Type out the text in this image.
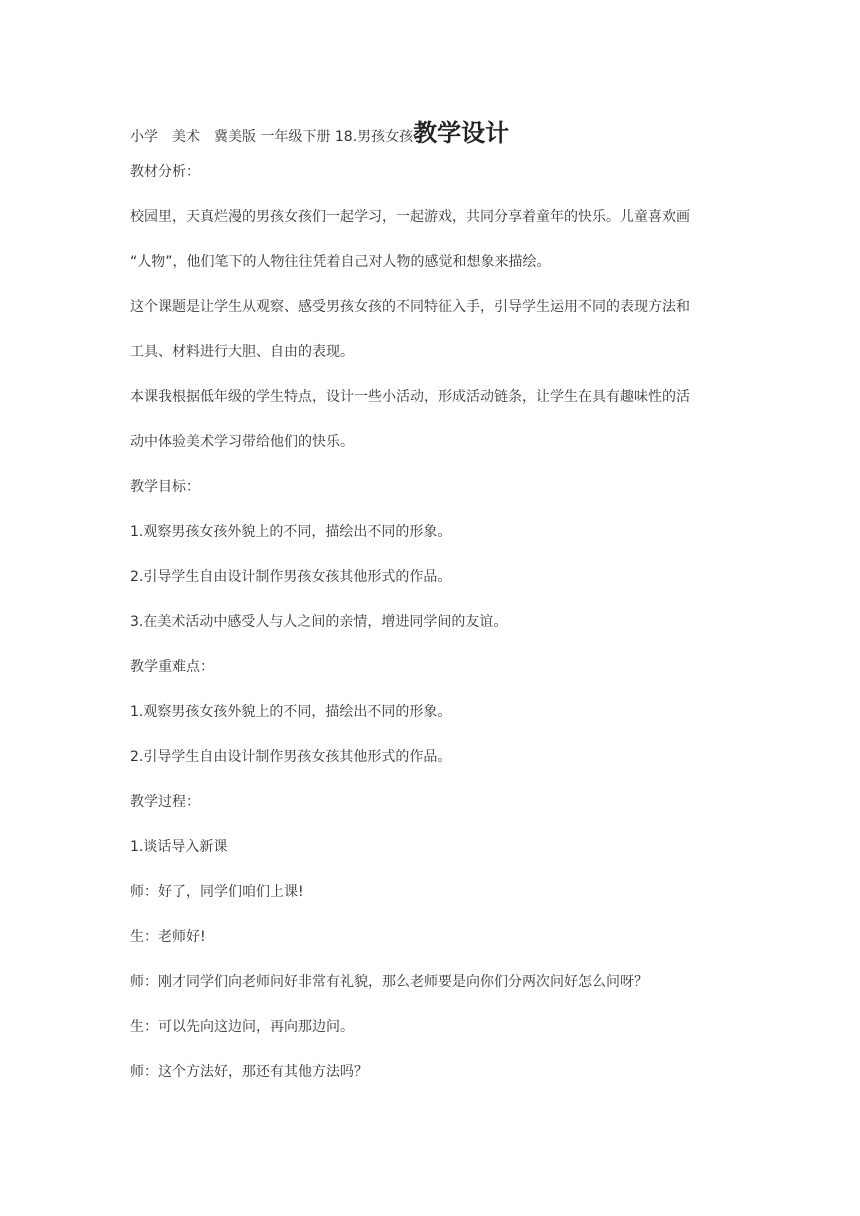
小学　美术　冀美版 一年级下册 18.男孩女孩教学设计
教材分析：
校园里，天真烂漫的男孩女孩们一起学习，一起游戏，共同分享着童年的快乐。儿童喜欢画
“人物”，他们笔下的人物往往凭着自己对人物的感觉和想象来描绘。
这个课题是让学生从观察、感受男孩女孩的不同特征入手，引导学生运用不同的表现方法和
工具、材料进行大胆、自由的表现。
本课我根据低年级的学生特点，设计一些小活动，形成活动链条，让学生在具有趣味性的活
动中体验美术学习带给他们的快乐。
教学目标：
1.观察男孩女孩外貌上的不同，描绘出不同的形象。
2.引导学生自由设计制作男孩女孩其他形式的作品。
3.在美术活动中感受人与人之间的亲情，增进同学间的友谊。
教学重难点：
1.观察男孩女孩外貌上的不同，描绘出不同的形象。
2.引导学生自由设计制作男孩女孩其他形式的作品。
教学过程：
1.谈话导入新课
师：好了，同学们咱们上课!
生：老师好!
师：刚才同学们向老师问好非常有礼貌，那么老师要是向你们分两次问好怎么问呀？
生：可以先向这边问，再向那边问。
师：这个方法好，那还有其他方法吗？
